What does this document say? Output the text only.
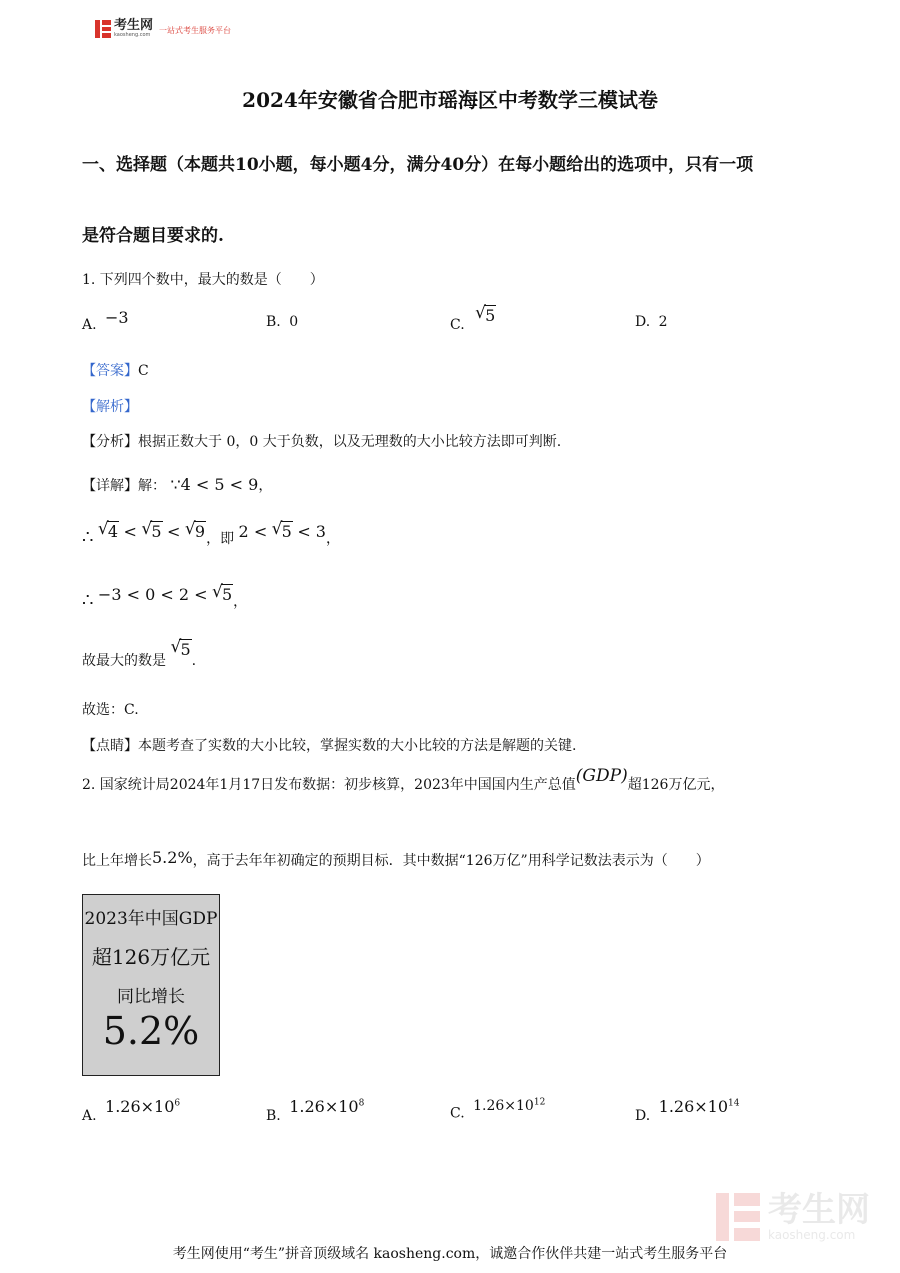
考生网
kaosheng.com	一站式考生服务平台
2024年安徽省合肥市瑶海区中考数学三模试卷
一、选择题（本题共10小题，每小题4分，满分40分）在每小题给出的选项中，只有一项
是符合题目要求的.
1. 下列四个数中，最大的数是（　　）
A. −3	B. 0	C. √ 5	D. 2
【答案】C
【解析】
【分析】根据正数大于 0，0 大于负数，以及无理数的大小比较方法即可判断.
【详解】解： ∵4 < 5 < 9，
∴ √ 4 < √ 5 < √ 9，即 2 < √ 5 < 3，
∴ −3 < 0 < 2 < √ 5，
故最大的数是 √ 5.
故选：C.
【点睛】本题考查了实数的大小比较，掌握实数的大小比较的方法是解题的关键.
2. 国家统计局2024年1月17日发布数据：初步核算，2023年中国国内生产总值(GDP)超126万亿元，
比上年增长5.2%，高于去年年初确定的预期目标．其中数据“126万亿”用科学记数法表示为（　　）
2023年中国GDP
超126万亿元
同比增长
5.2%
A. $1.26\times 10^6$
B. $1.26\times 10^8$
C. $1.26\times 10^{12}$
D. $1.26\times 10^{14}$
考生网
kaosheng.com
考生网使用“考生”拼音顶级域名 kaosheng.com，诚邀合作伙伴共建一站式考生服务平台
